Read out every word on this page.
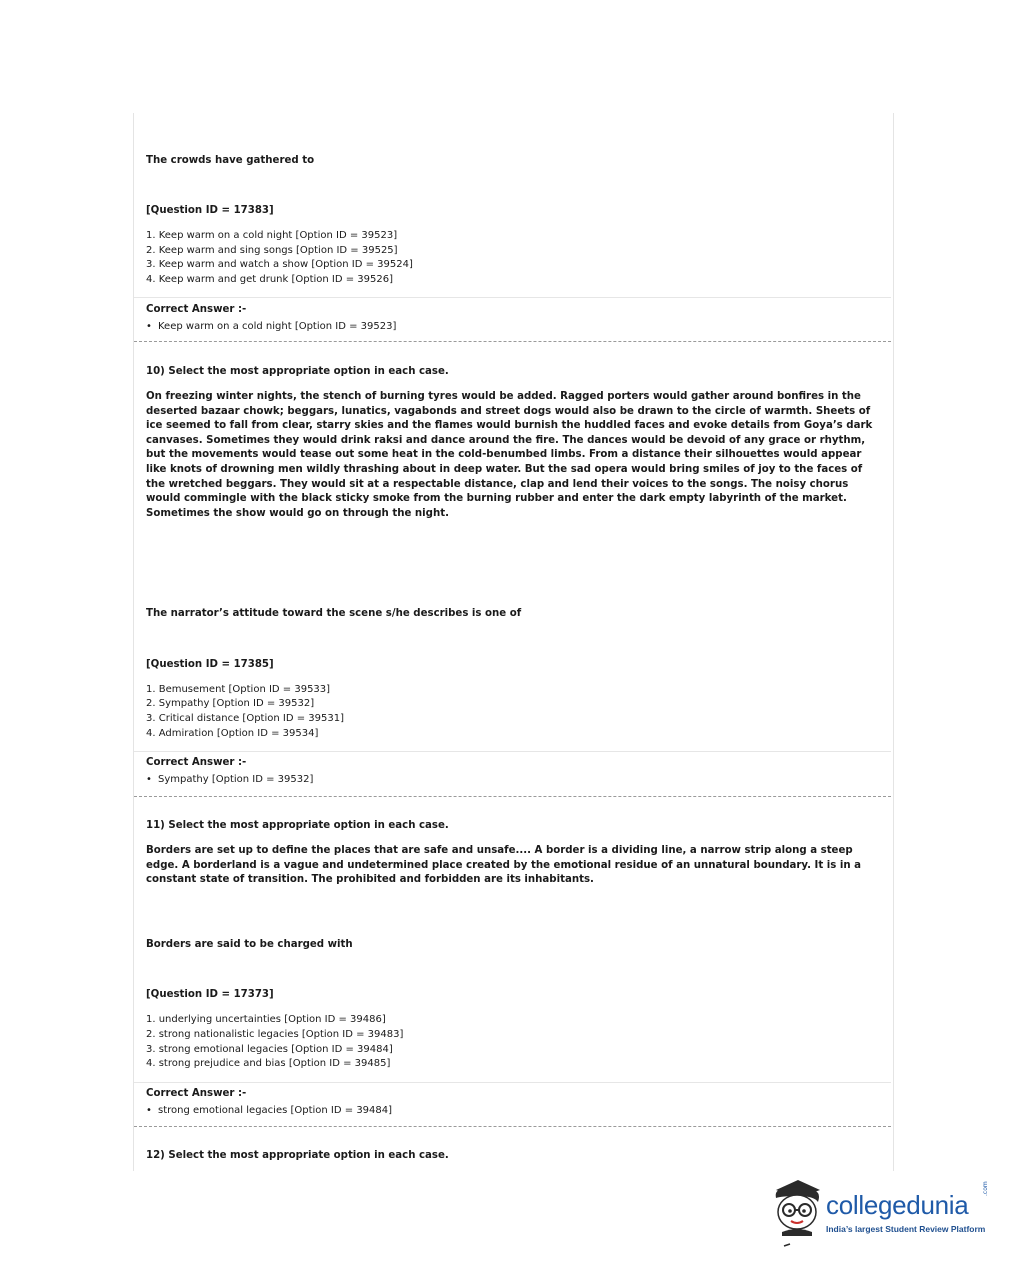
The crowds have gathered to
[Question ID = 17383]
1. Keep warm on a cold night [Option ID = 39523]
2. Keep warm and sing songs [Option ID = 39525]
3. Keep warm and watch a show [Option ID = 39524]
4. Keep warm and get drunk [Option ID = 39526]
Correct Answer :-
• Keep warm on a cold night [Option ID = 39523]
10) Select the most appropriate option in each case.
On freezing winter nights, the stench of burning tyres would be added. Ragged porters would gather around bonfires in the deserted bazaar chowk; beggars, lunatics, vagabonds and street dogs would also be drawn to the circle of warmth. Sheets of ice seemed to fall from clear, starry skies and the flames would burnish the huddled faces and evoke details from Goya’s dark canvases. Sometimes they would drink raksi and dance around the fire. The dances would be devoid of any grace or rhythm, but the movements would tease out some heat in the cold-benumbed limbs. From a distance their silhouettes would appear like knots of drowning men wildly thrashing about in deep water. But the sad opera would bring smiles of joy to the faces of the wretched beggars. They would sit at a respectable distance, clap and lend their voices to the songs. The noisy chorus would commingle with the black sticky smoke from the burning rubber and enter the dark empty labyrinth of the market. Sometimes the show would go on through the night.
The narrator’s attitude toward the scene s/he describes is one of
[Question ID = 17385]
1. Bemusement [Option ID = 39533]
2. Sympathy [Option ID = 39532]
3. Critical distance [Option ID = 39531]
4. Admiration [Option ID = 39534]
Correct Answer :-
• Sympathy [Option ID = 39532]
11) Select the most appropriate option in each case.
Borders are set up to define the places that are safe and unsafe.... A border is a dividing line, a narrow strip along a steep edge. A borderland is a vague and undetermined place created by the emotional residue of an unnatural boundary. It is in a constant state of transition. The prohibited and forbidden are its inhabitants.
Borders are said to be charged with
[Question ID = 17373]
1. underlying uncertainties [Option ID = 39486]
2. strong nationalistic legacies [Option ID = 39483]
3. strong emotional legacies [Option ID = 39484]
4. strong prejudice and bias [Option ID = 39485]
Correct Answer :-
• strong emotional legacies [Option ID = 39484]
12) Select the most appropriate option in each case.
collegedunia
.com
India’s largest Student Review Platform
